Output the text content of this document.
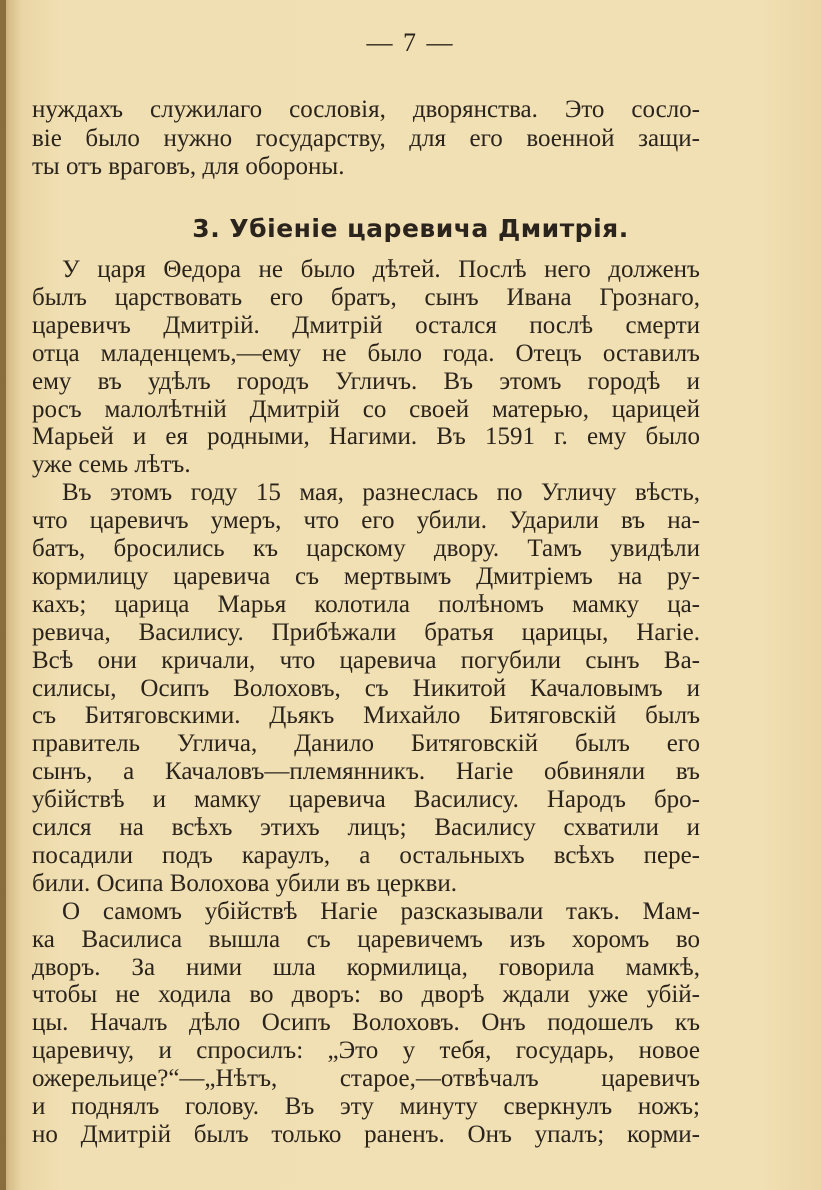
— 7 —
нуждахъ служилаго сословія, дворянства. Это сосло-
віе было нужно государству, для его военной защи-
ты отъ враговъ, для обороны.
3. Убіеніе царевича Дмитрія.
У царя Θедора не было дѣтей. Послѣ него долженъ
былъ царствовать его братъ, сынъ Ивана Грознаго,
царевичъ Дмитрій. Дмитрій остался послѣ смерти
отца младенцемъ,—ему не было года. Отецъ оставилъ
ему въ удѣлъ городъ Угличъ. Въ этомъ городѣ и
росъ малолѣтній Дмитрій со своей матерью, царицей
Марьей и ея родными, Нагими. Въ 1591 г. ему было
уже семь лѣтъ.
Въ этомъ году 15 мая, разнеслась по Угличу вѣсть,
что царевичъ умеръ, что его убили. Ударили въ на-
батъ, бросились къ царскому двору. Тамъ увидѣли
кормилицу царевича съ мертвымъ Дмитріемъ на ру-
кахъ; царица Марья колотила полѣномъ мамку ца-
ревича, Василису. Прибѣжали братья царицы, Нагіе.
Всѣ они кричали, что царевича погубили сынъ Ва-
силисы, Осипъ Волоховъ, съ Никитой Качаловымъ и
съ Битяговскими. Дьякъ Михайло Битяговскій былъ
правитель Углича, Данило Битяговскій былъ его
сынъ, а Качаловъ—племянникъ. Нагіе обвиняли въ
убійствѣ и мамку царевича Василису. Народъ бро-
сился на всѣхъ этихъ лицъ; Василису схватили и
посадили подъ караулъ, а остальныхъ всѣхъ пере-
били. Осипа Волохова убили въ церкви.
О самомъ убійствѣ Нагіе разсказывали такъ. Мам-
ка Василиса вышла съ царевичемъ изъ хоромъ во
дворъ. За ними шла кормилица, говорила мамкѣ,
чтобы не ходила во дворъ: во дворѣ ждали уже убій-
цы. Началъ дѣло Осипъ Волоховъ. Онъ подошелъ къ
царевичу, и спросилъ: „Это у тебя, государь, новое
ожерельице?“—„Нѣтъ, старое,—отвѣчалъ царевичъ
и поднялъ голову. Въ эту минуту сверкнулъ ножъ;
но Дмитрій былъ только раненъ. Онъ упалъ; корми-
